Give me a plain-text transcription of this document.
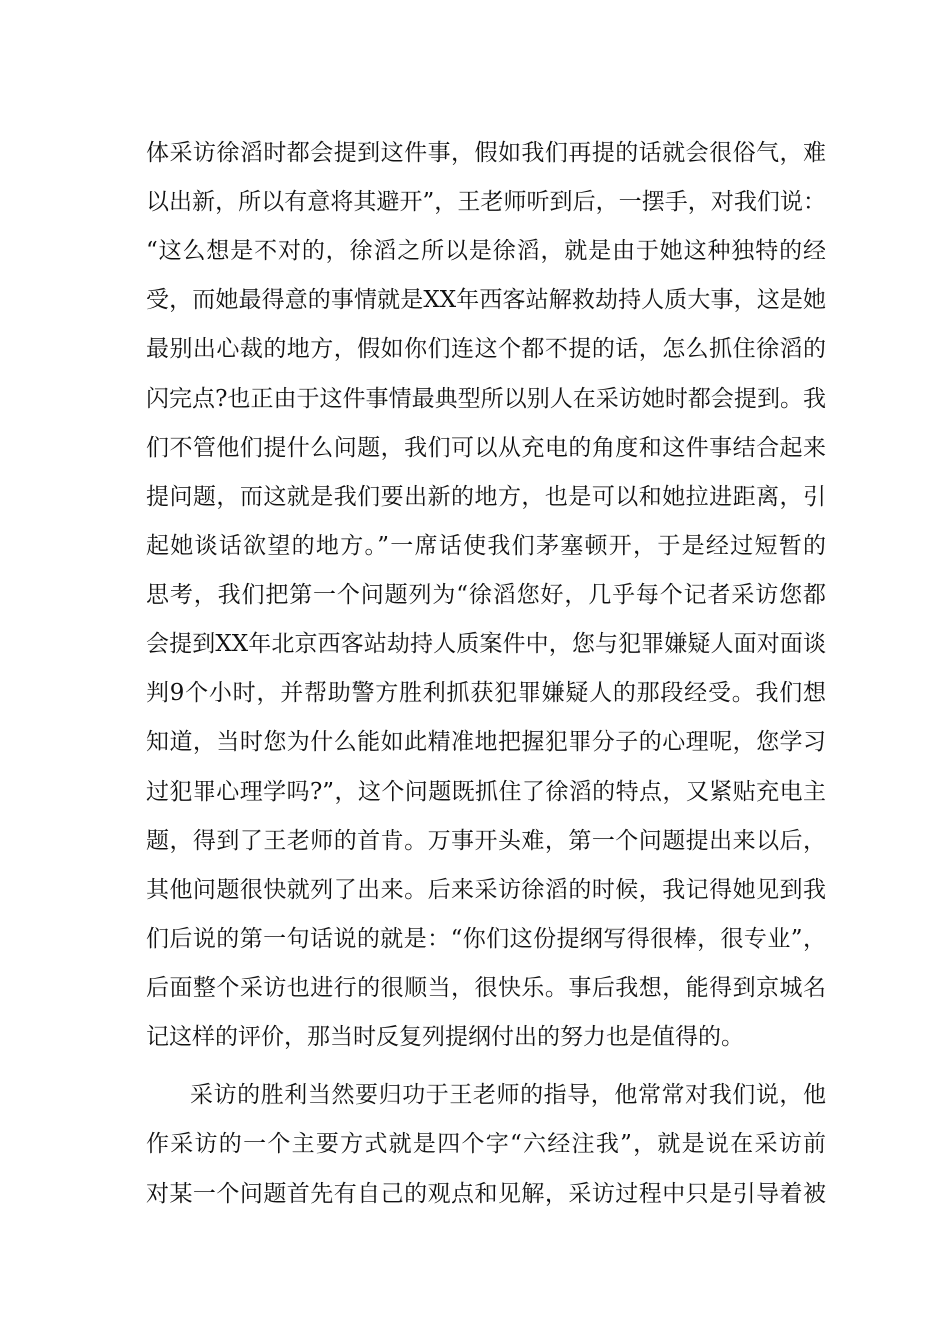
体采访徐滔时都会提到这件事，假如我们再提的话就会很俗气，难
以出新，所以有意将其避开”，王老师听到后，一摆手，对我们说：
“这么想是不对的，徐滔之所以是徐滔，就是由于她这种独特的经
受，而她最得意的事情就是XX年西客站解救劫持人质大事，这是她
最别出心裁的地方，假如你们连这个都不提的话，怎么抓住徐滔的
闪完点?也正由于这件事情最典型所以别人在采访她时都会提到。我
们不管他们提什么问题，我们可以从充电的角度和这件事结合起来
提问题，而这就是我们要出新的地方，也是可以和她拉进距离，引
起她谈话欲望的地方。”一席话使我们茅塞顿开，于是经过短暂的
思考，我们把第一个问题列为“徐滔您好，几乎每个记者采访您都
会提到XX年北京西客站劫持人质案件中，您与犯罪嫌疑人面对面谈
判9个小时，并帮助警方胜利抓获犯罪嫌疑人的那段经受。我们想
知道，当时您为什么能如此精准地把握犯罪分子的心理呢，您学习
过犯罪心理学吗?”，这个问题既抓住了徐滔的特点，又紧贴充电主
题，得到了王老师的首肯。万事开头难，第一个问题提出来以后，
其他问题很快就列了出来。后来采访徐滔的时候，我记得她见到我
们后说的第一句话说的就是：“你们这份提纲写得很棒，很专业”，
后面整个采访也进行的很顺当，很快乐。事后我想，能得到京城名
记这样的评价，那当时反复列提纲付出的努力也是值得的。
采访的胜利当然要归功于王老师的指导，他常常对我们说，他
作采访的一个主要方式就是四个字“六经注我”，就是说在采访前
对某一个问题首先有自己的观点和见解，采访过程中只是引导着被
